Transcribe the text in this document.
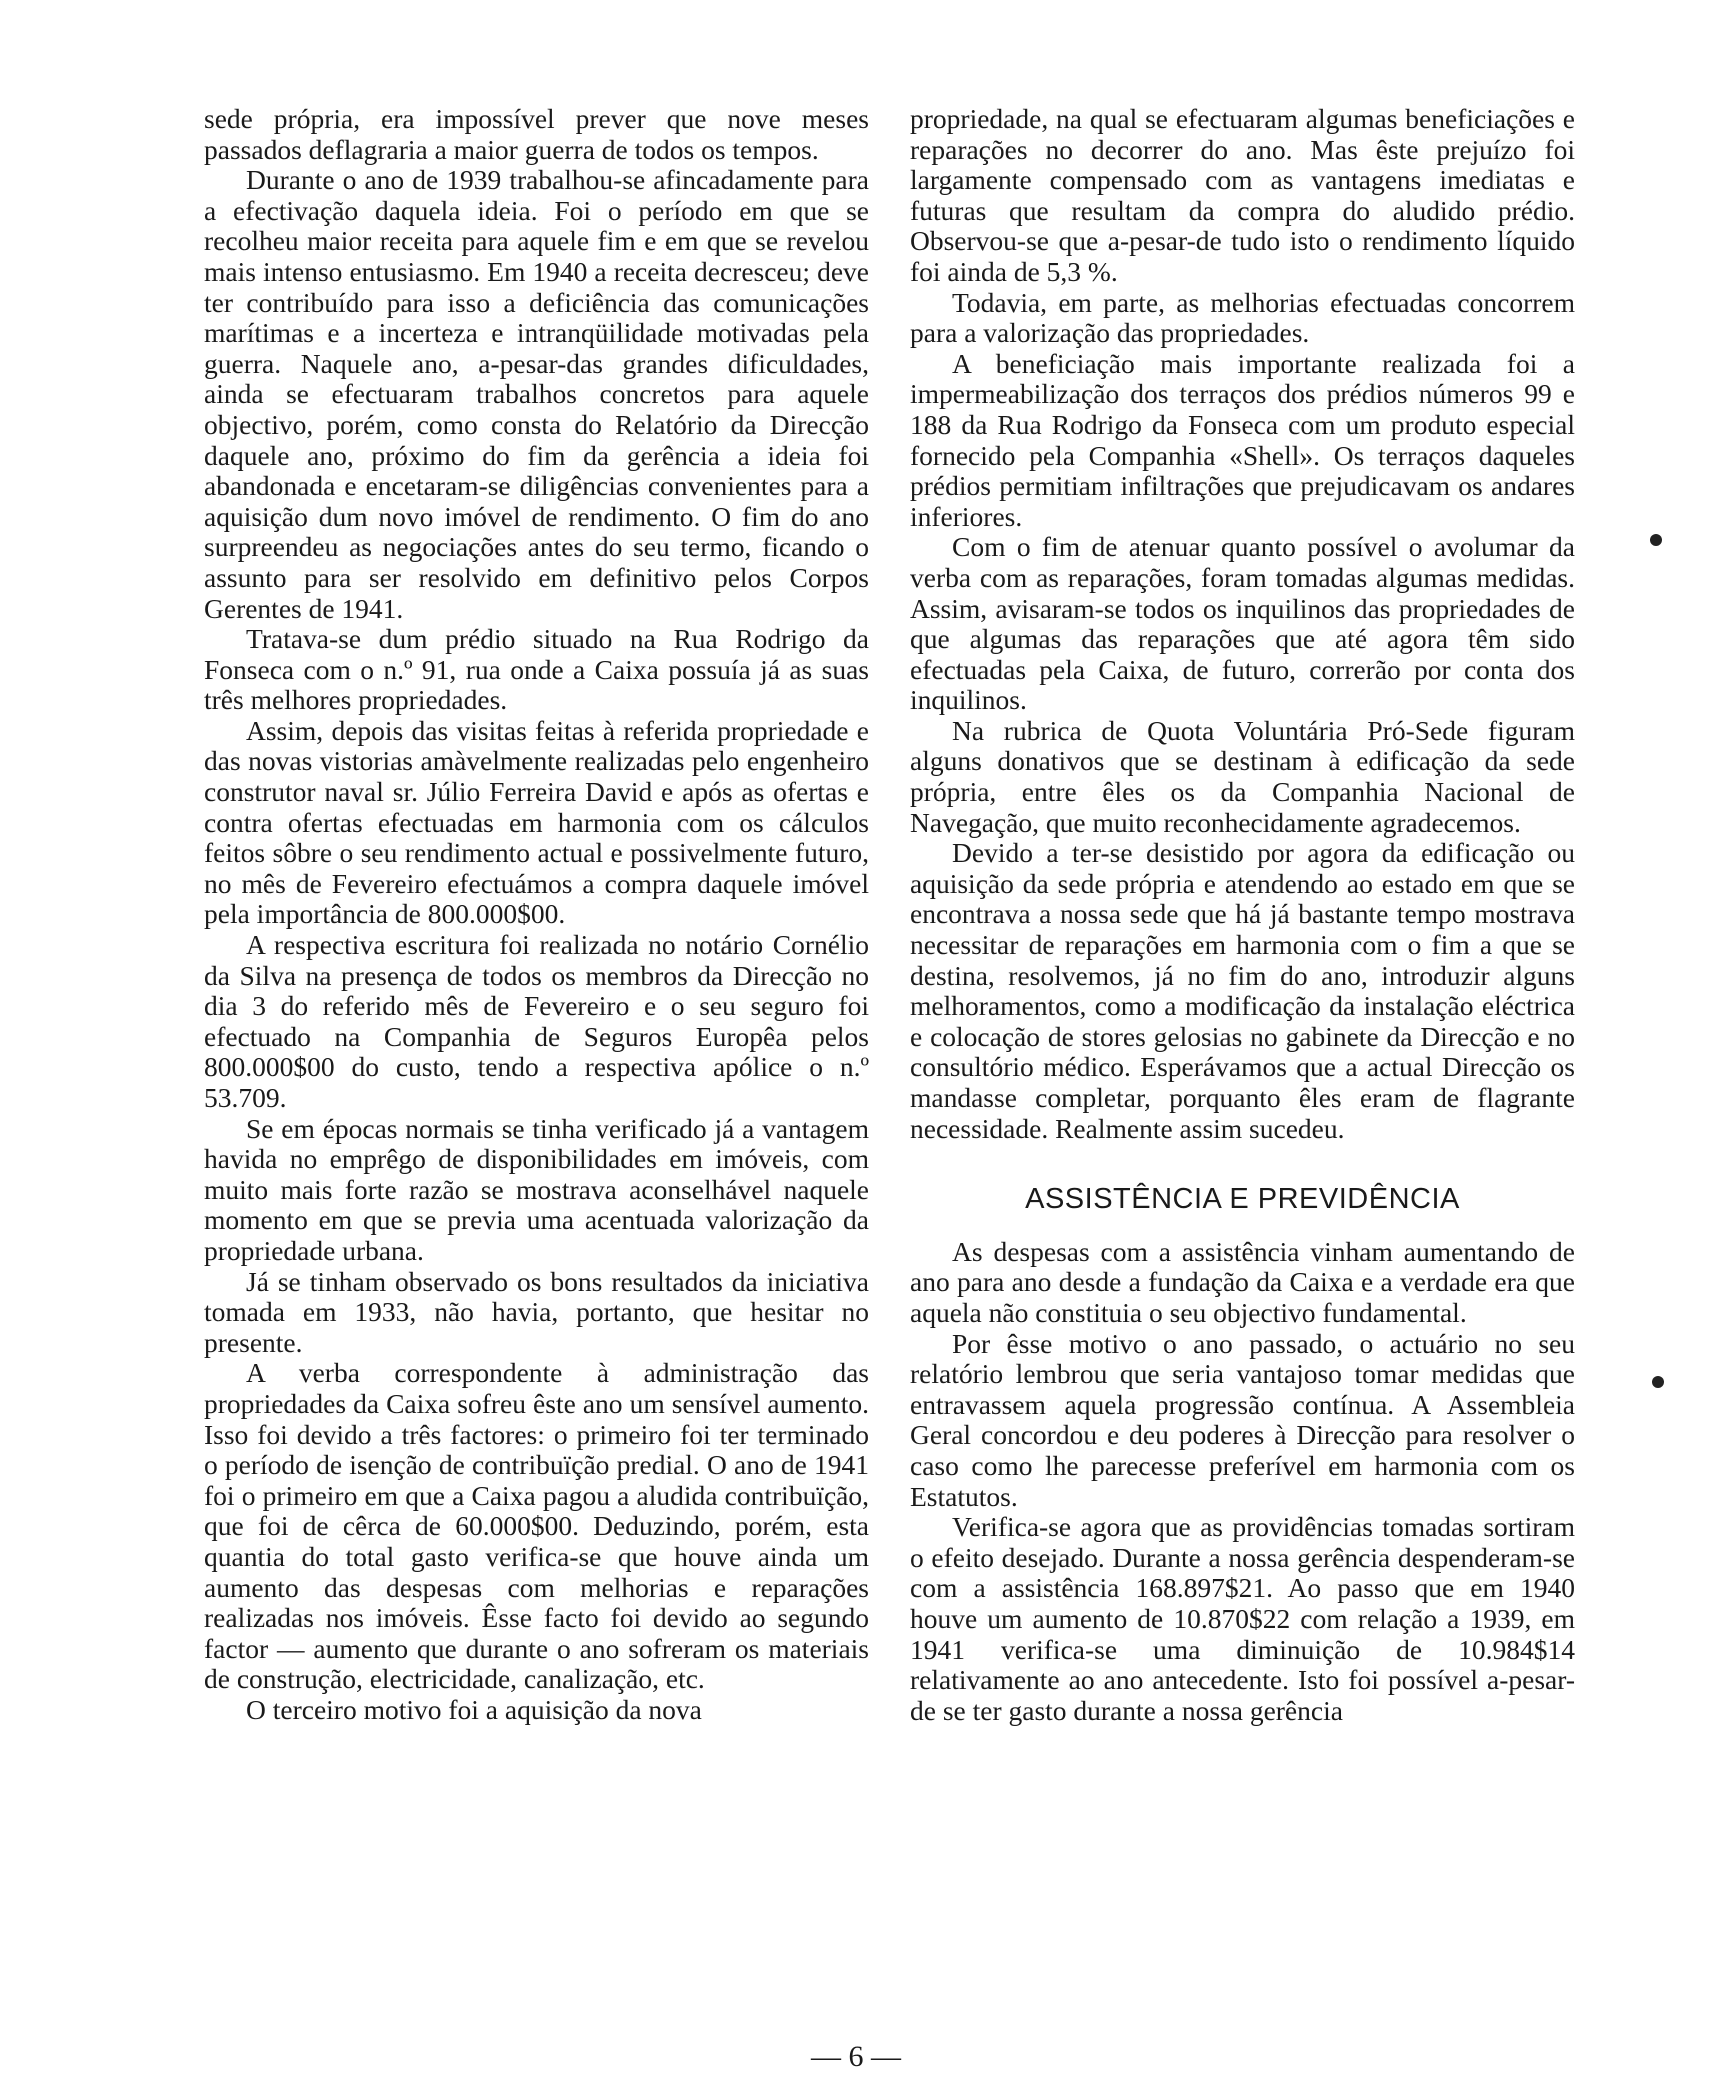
sede própria, era impossível prever que nove meses passados deflagraria a maior guerra de todos os tempos.

Durante o ano de 1939 trabalhou-se afincadamente para a efectivação daquela ideia. Foi o período em que se recolheu maior receita para aquele fim e em que se revelou mais intenso entusiasmo. Em 1940 a receita decresceu; deve ter contribuído para isso a deficiência das comunicações marítimas e a incerteza e intranqüilidade motivadas pela guerra. Naquele ano, a-pesar-das grandes dificuldades, ainda se efectuaram trabalhos concretos para aquele objectivo, porém, como consta do Relatório da Direcção daquele ano, próximo do fim da gerência a ideia foi abandonada e encetaram-se diligências convenientes para a aquisição dum novo imóvel de rendimento. O fim do ano surpreendeu as negociações antes do seu termo, ficando o assunto para ser resolvido em definitivo pelos Corpos Gerentes de 1941.

Tratava-se dum prédio situado na Rua Rodrigo da Fonseca com o n.º 91, rua onde a Caixa possuía já as suas três melhores propriedades.

Assim, depois das visitas feitas à referida propriedade e das novas vistorias amàvelmente realizadas pelo engenheiro construtor naval sr. Júlio Ferreira David e após as ofertas e contra ofertas efectuadas em harmonia com os cálculos feitos sôbre o seu rendimento actual e possivelmente futuro, no mês de Fevereiro efectuámos a compra daquele imóvel pela importância de 800.000$00.

A respectiva escritura foi realizada no notário Cornélio da Silva na presença de todos os membros da Direcção no dia 3 do referido mês de Fevereiro e o seu seguro foi efectuado na Companhia de Seguros Europêa pelos 800.000$00 do custo, tendo a respectiva apólice o n.º 53.709.

Se em épocas normais se tinha verificado já a vantagem havida no emprêgo de disponibilidades em imóveis, com muito mais forte razão se mostrava aconselhável naquele momento em que se previa uma acentuada valorização da propriedade urbana.

Já se tinham observado os bons resultados da iniciativa tomada em 1933, não havia, portanto, que hesitar no presente.

A verba correspondente à administração das propriedades da Caixa sofreu êste ano um sensível aumento. Isso foi devido a três factores: o primeiro foi ter terminado o período de isenção de contribuïção predial. O ano de 1941 foi o primeiro em que a Caixa pagou a aludida contribuïção, que foi de cêrca de 60.000$00. Deduzindo, porém, esta quantia do total gasto verifica-se que houve ainda um aumento das despesas com melhorias e reparações realizadas nos imóveis. Êsse facto foi devido ao segundo factor — aumento que durante o ano sofreram os materiais de construção, electricidade, canalização, etc.

O terceiro motivo foi a aquisição da nova

propriedade, na qual se efectuaram algumas beneficiações e reparações no decorrer do ano. Mas êste prejuízo foi largamente compensado com as vantagens imediatas e futuras que resultam da compra do aludido prédio. Observou-se que a-pesar-de tudo isto o rendimento líquido foi ainda de 5,3 %.

Todavia, em parte, as melhorias efectuadas concorrem para a valorização das propriedades.

A beneficiação mais importante realizada foi a impermeabilização dos terraços dos prédios números 99 e 188 da Rua Rodrigo da Fonseca com um produto especial fornecido pela Companhia «Shell». Os terraços daqueles prédios permitiam infiltrações que prejudicavam os andares inferiores.

Com o fim de atenuar quanto possível o avolumar da verba com as reparações, foram tomadas algumas medidas. Assim, avisaram-se todos os inquilinos das propriedades de que algumas das reparações que até agora têm sido efectuadas pela Caixa, de futuro, correrão por conta dos inquilinos.

Na rubrica de Quota Voluntária Pró-Sede figuram alguns donativos que se destinam à edificação da sede própria, entre êles os da Companhia Nacional de Navegação, que muito reconhecidamente agradecemos.

Devido a ter-se desistido por agora da edificação ou aquisição da sede própria e atendendo ao estado em que se encontrava a nossa sede que há já bastante tempo mostrava necessitar de reparações em harmonia com o fim a que se destina, resolvemos, já no fim do ano, introduzir alguns melhoramentos, como a modificação da instalação eléctrica e colocação de stores gelosias no gabinete da Direcção e no consultório médico. Esperávamos que a actual Direcção os mandasse completar, porquanto êles eram de flagrante necessidade. Realmente assim sucedeu.

ASSISTÊNCIA E PREVIDÊNCIA

As despesas com a assistência vinham aumentando de ano para ano desde a fundação da Caixa e a verdade era que aquela não constituia o seu objectivo fundamental.

Por êsse motivo o ano passado, o actuário no seu relatório lembrou que seria vantajoso tomar medidas que entravassem aquela progressão contínua. A Assembleia Geral concordou e deu poderes à Direcção para resolver o caso como lhe parecesse preferível em harmonia com os Estatutos.

Verifica-se agora que as providências tomadas sortiram o efeito desejado. Durante a nossa gerência despenderam-se com a assistência 168.897$21. Ao passo que em 1940 houve um aumento de 10.870$22 com relação a 1939, em 1941 verifica-se uma diminuição de 10.984$14 relativamente ao ano antecedente. Isto foi possível a-pesar-de se ter gasto durante a nossa gerência

— 6 —
